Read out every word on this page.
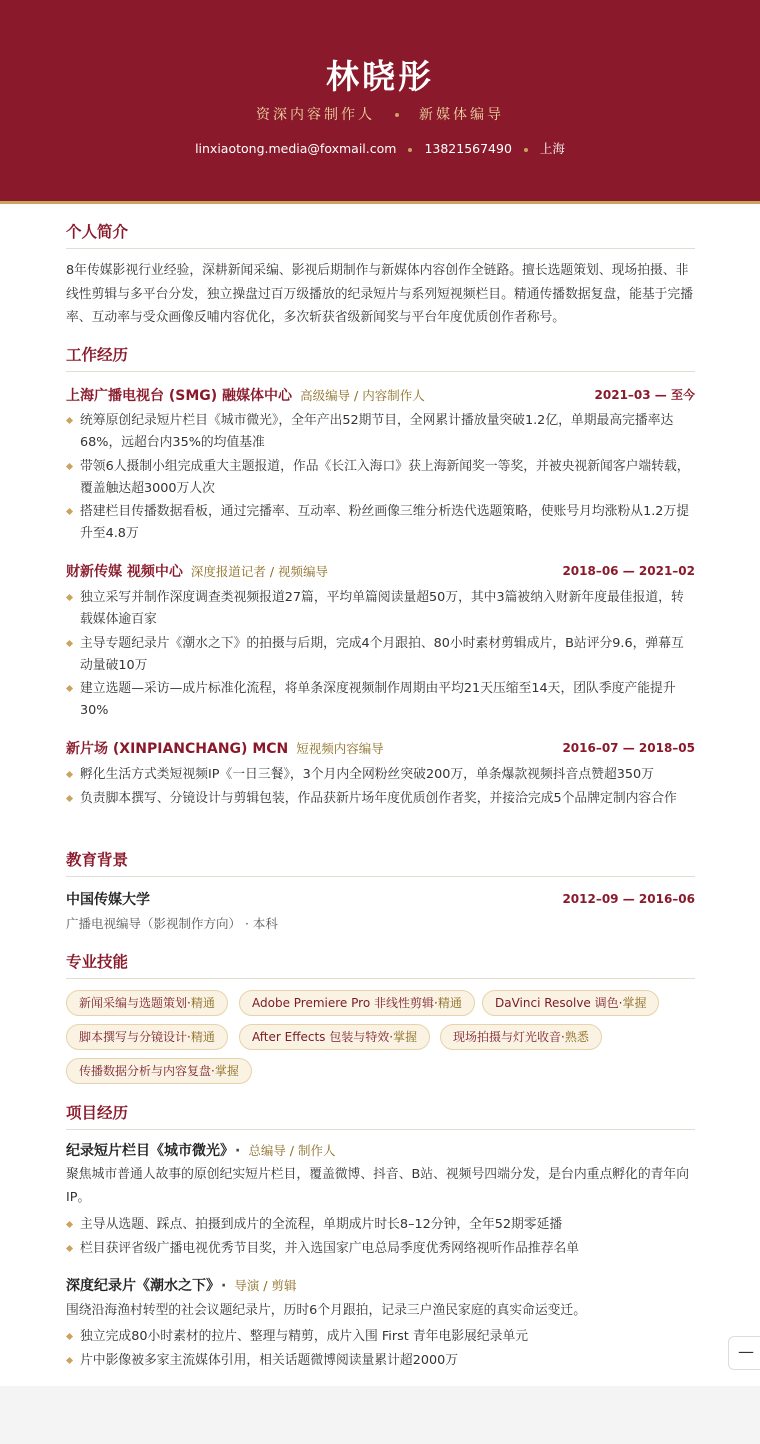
林晓彤
资深内容制作人	新媒体编导
linxiaotong.media@foxmail.com 13821567490 上海
个人简介
8年传媒影视行业经验，深耕新闻采编、影视后期制作与新媒体内容创作全链路。擅长选题策划、现场拍摄、非线性剪辑与多平台分发，独立操盘过百万级播放的纪录短片与系列短视频栏目。精通传播数据复盘，能基于完播率、互动率与受众画像反哺内容优化，多次斩获省级新闻奖与平台年度优质创作者称号。
工作经历
上海广播电视台 (SMG) 融媒体中心 高级编导 / 内容制作人	2021–03 — 至今
统筹原创纪录短片栏目《城市微光》，全年产出52期节目，全网累计播放量突破1.2亿，单期最高完播率达68%，远超台内35%的均值基准
带领6人摄制小组完成重大主题报道，作品《长江入海口》获上海新闻奖一等奖，并被央视新闻客户端转载，覆盖触达超3000万人次
搭建栏目传播数据看板，通过完播率、互动率、粉丝画像三维分析迭代选题策略，使账号月均涨粉从1.2万提升至4.8万
财新传媒 视频中心 深度报道记者 / 视频编导	2018–06 — 2021–02
独立采写并制作深度调查类视频报道27篇，平均单篇阅读量超50万，其中3篇被纳入财新年度最佳报道，转载媒体逾百家
主导专题纪录片《潮水之下》的拍摄与后期，完成4个月跟拍、80小时素材剪辑成片，B站评分9.6，弹幕互动量破10万
建立选题—采访—成片标准化流程，将单条深度视频制作周期由平均21天压缩至14天，团队季度产能提升30%
新片场 (XINPIANCHANG) MCN 短视频内容编导	2016–07 — 2018–05
孵化生活方式类短视频IP《一日三餐》，3个月内全网粉丝突破200万，单条爆款视频抖音点赞超350万
负责脚本撰写、分镜设计与剪辑包装，作品获新片场年度优质创作者奖，并接洽完成5个品牌定制内容合作
教育背景
中国传媒大学	2012–09 — 2016–06
广播电视编导（影视制作方向） · 本科
专业技能
新闻采编与选题策划·精通	Adobe Premiere Pro 非线性剪辑·精通	DaVinci Resolve 调色·掌握
脚本撰写与分镜设计·精通	After Effects 包装与特效·掌握	现场拍摄与灯光收音·熟悉
传播数据分析与内容复盘·掌握
项目经历
纪录短片栏目《城市微光》 · 总编导 / 制作人
聚焦城市普通人故事的原创纪实短片栏目，覆盖微博、抖音、B站、视频号四端分发，是台内重点孵化的青年向IP。
主导从选题、踩点、拍摄到成片的全流程，单期成片时长8–12分钟，全年52期零延播
栏目获评省级广播电视优秀节目奖，并入选国家广电总局季度优秀网络视听作品推荐名单
深度纪录片《潮水之下》 · 导演 / 剪辑
围绕沿海渔村转型的社会议题纪录片，历时6个月跟拍，记录三户渔民家庭的真实命运变迁。
独立完成80小时素材的拉片、整理与精剪，成片入围 First 青年电影展纪录单元
片中影像被多家主流媒体引用，相关话题微博阅读量累计超2000万	—
